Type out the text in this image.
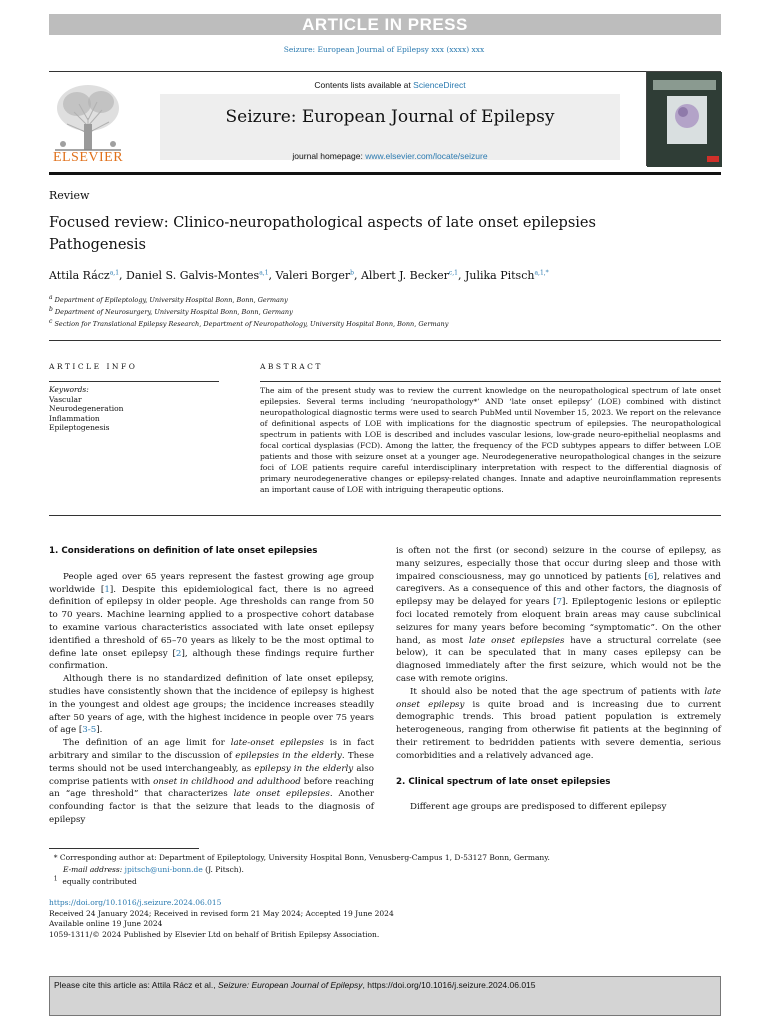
ARTICLE IN PRESS
Seizure: European Journal of Epilepsy xxx (xxxx) xxx
ELSEVIER
Contents lists available at ScienceDirect
Seizure: European Journal of Epilepsy
journal homepage: www.elsevier.com/locate/seizure
Review
Focused review: Clinico-neuropathological aspects of late onset epilepsies Pathogenesis
Attila Rácz$^{a,1}$, Daniel S. Galvis-Montes$^{a,1}$, Valeri Borger$^b$, Albert J. Becker$^{c,1}$, Julika Pitsch$^{a,1,*}$
$^a$ Department of Epileptology, University Hospital Bonn, Bonn, Germany
$^b$ Department of Neurosurgery, University Hospital Bonn, Bonn, Germany
$^c$ Section for Translational Epilepsy Research, Department of Neuropathology, University Hospital Bonn, Bonn, Germany
ARTICLE INFO	ABSTRACT
Keywords:
Vascular
Neurodegeneration
Inflammation
Epileptogenesis
The aim of the present study was to review the current knowledge on the neuropathological spectrum of late onset epilepsies. Several terms including ‘neuropathology*’ AND ‘late onset epilepsy’ (LOE) combined with distinct neuropathological diagnostic terms were used to search PubMed until November 15, 2023. We report on the relevance of definitional aspects of LOE with implications for the diagnostic spectrum of epilepsies. The neuropathological spectrum in patients with LOE is described and includes vascular lesions, low-grade neuro-epithelial neoplasms and focal cortical dysplasias (FCD). Among the latter, the frequency of the FCD subtypes appears to differ between LOE patients and those with seizure onset at a younger age. Neurodegenerative neuropathological changes in the seizure foci of LOE patients require careful interdisciplinary interpretation with respect to the differential diagnosis of primary neurodegenerative changes or epilepsy-related changes. Innate and adaptive neuroinflammation represents an important cause of LOE with intriguing therapeutic options.
1. Considerations on definition of late onset epilepsies

People aged over 65 years represent the fastest growing age group worldwide [1]. Despite this epidemiological fact, there is no agreed definition of epilepsy in older people. Age thresholds can range from 50 to 70 years. Machine learning applied to a prospective cohort database to examine various characteristics associated with late onset epilepsy identified a threshold of 65–70 years as likely to be the most optimal to define late onset epilepsy [2], although these findings require further confirmation.

Although there is no standardized definition of late onset epilepsy, studies have consistently shown that the incidence of epilepsy is highest in the youngest and oldest age groups; the incidence increases steadily after 50 years of age, with the highest incidence in people over 75 years of age [3-5].

The definition of an age limit for late-onset epilepsies is in fact arbitrary and similar to the discussion of epilepsies in the elderly. These terms should not be used interchangeably, as epilepsy in the elderly also comprise patients with onset in childhood and adulthood before reaching an “age threshold” that characterizes late onset epilepsies. Another confounding factor is that the seizure that leads to the diagnosis of epilepsy

is often not the first (or second) seizure in the course of epilepsy, as many seizures, especially those that occur during sleep and those with impaired consciousness, may go unnoticed by patients [6], relatives and caregivers. As a consequence of this and other factors, the diagnosis of epilepsy may be delayed for years [7]. Epileptogenic lesions or epileptic foci located remotely from eloquent brain areas may cause subclinical seizures for many years before becoming “symptomatic”. On the other hand, as most late onset epilepsies have a structural correlate (see below), it can be speculated that in many cases epilepsy can be diagnosed immediately after the first seizure, which would not be the case with remote origins.

It should also be noted that the age spectrum of patients with late onset epilepsy is quite broad and is increasing due to current demographic trends. This broad patient population is extremely heterogeneous, ranging from otherwise fit patients at the beginning of their retirement to bedridden patients with severe dementia, serious comorbidities and a relatively advanced age.

2. Clinical spectrum of late onset epilepsies

Different age groups are predisposed to different epilepsy

* Corresponding author at: Department of Epileptology, University Hospital Bonn, Venusberg-Campus 1, D-53127 Bonn, Germany.
E-mail address: jpitsch@uni-bonn.de (J. Pitsch).
$^1$ equally contributed
https://doi.org/10.1016/j.seizure.2024.06.015
Received 24 January 2024; Received in revised form 21 May 2024; Accepted 19 June 2024
Available online 19 June 2024
1059-1311/© 2024 Published by Elsevier Ltd on behalf of British Epilepsy Association.
Please cite this article as: Attila Rácz et al., Seizure: European Journal of Epilepsy, https://doi.org/10.1016/j.seizure.2024.06.015
